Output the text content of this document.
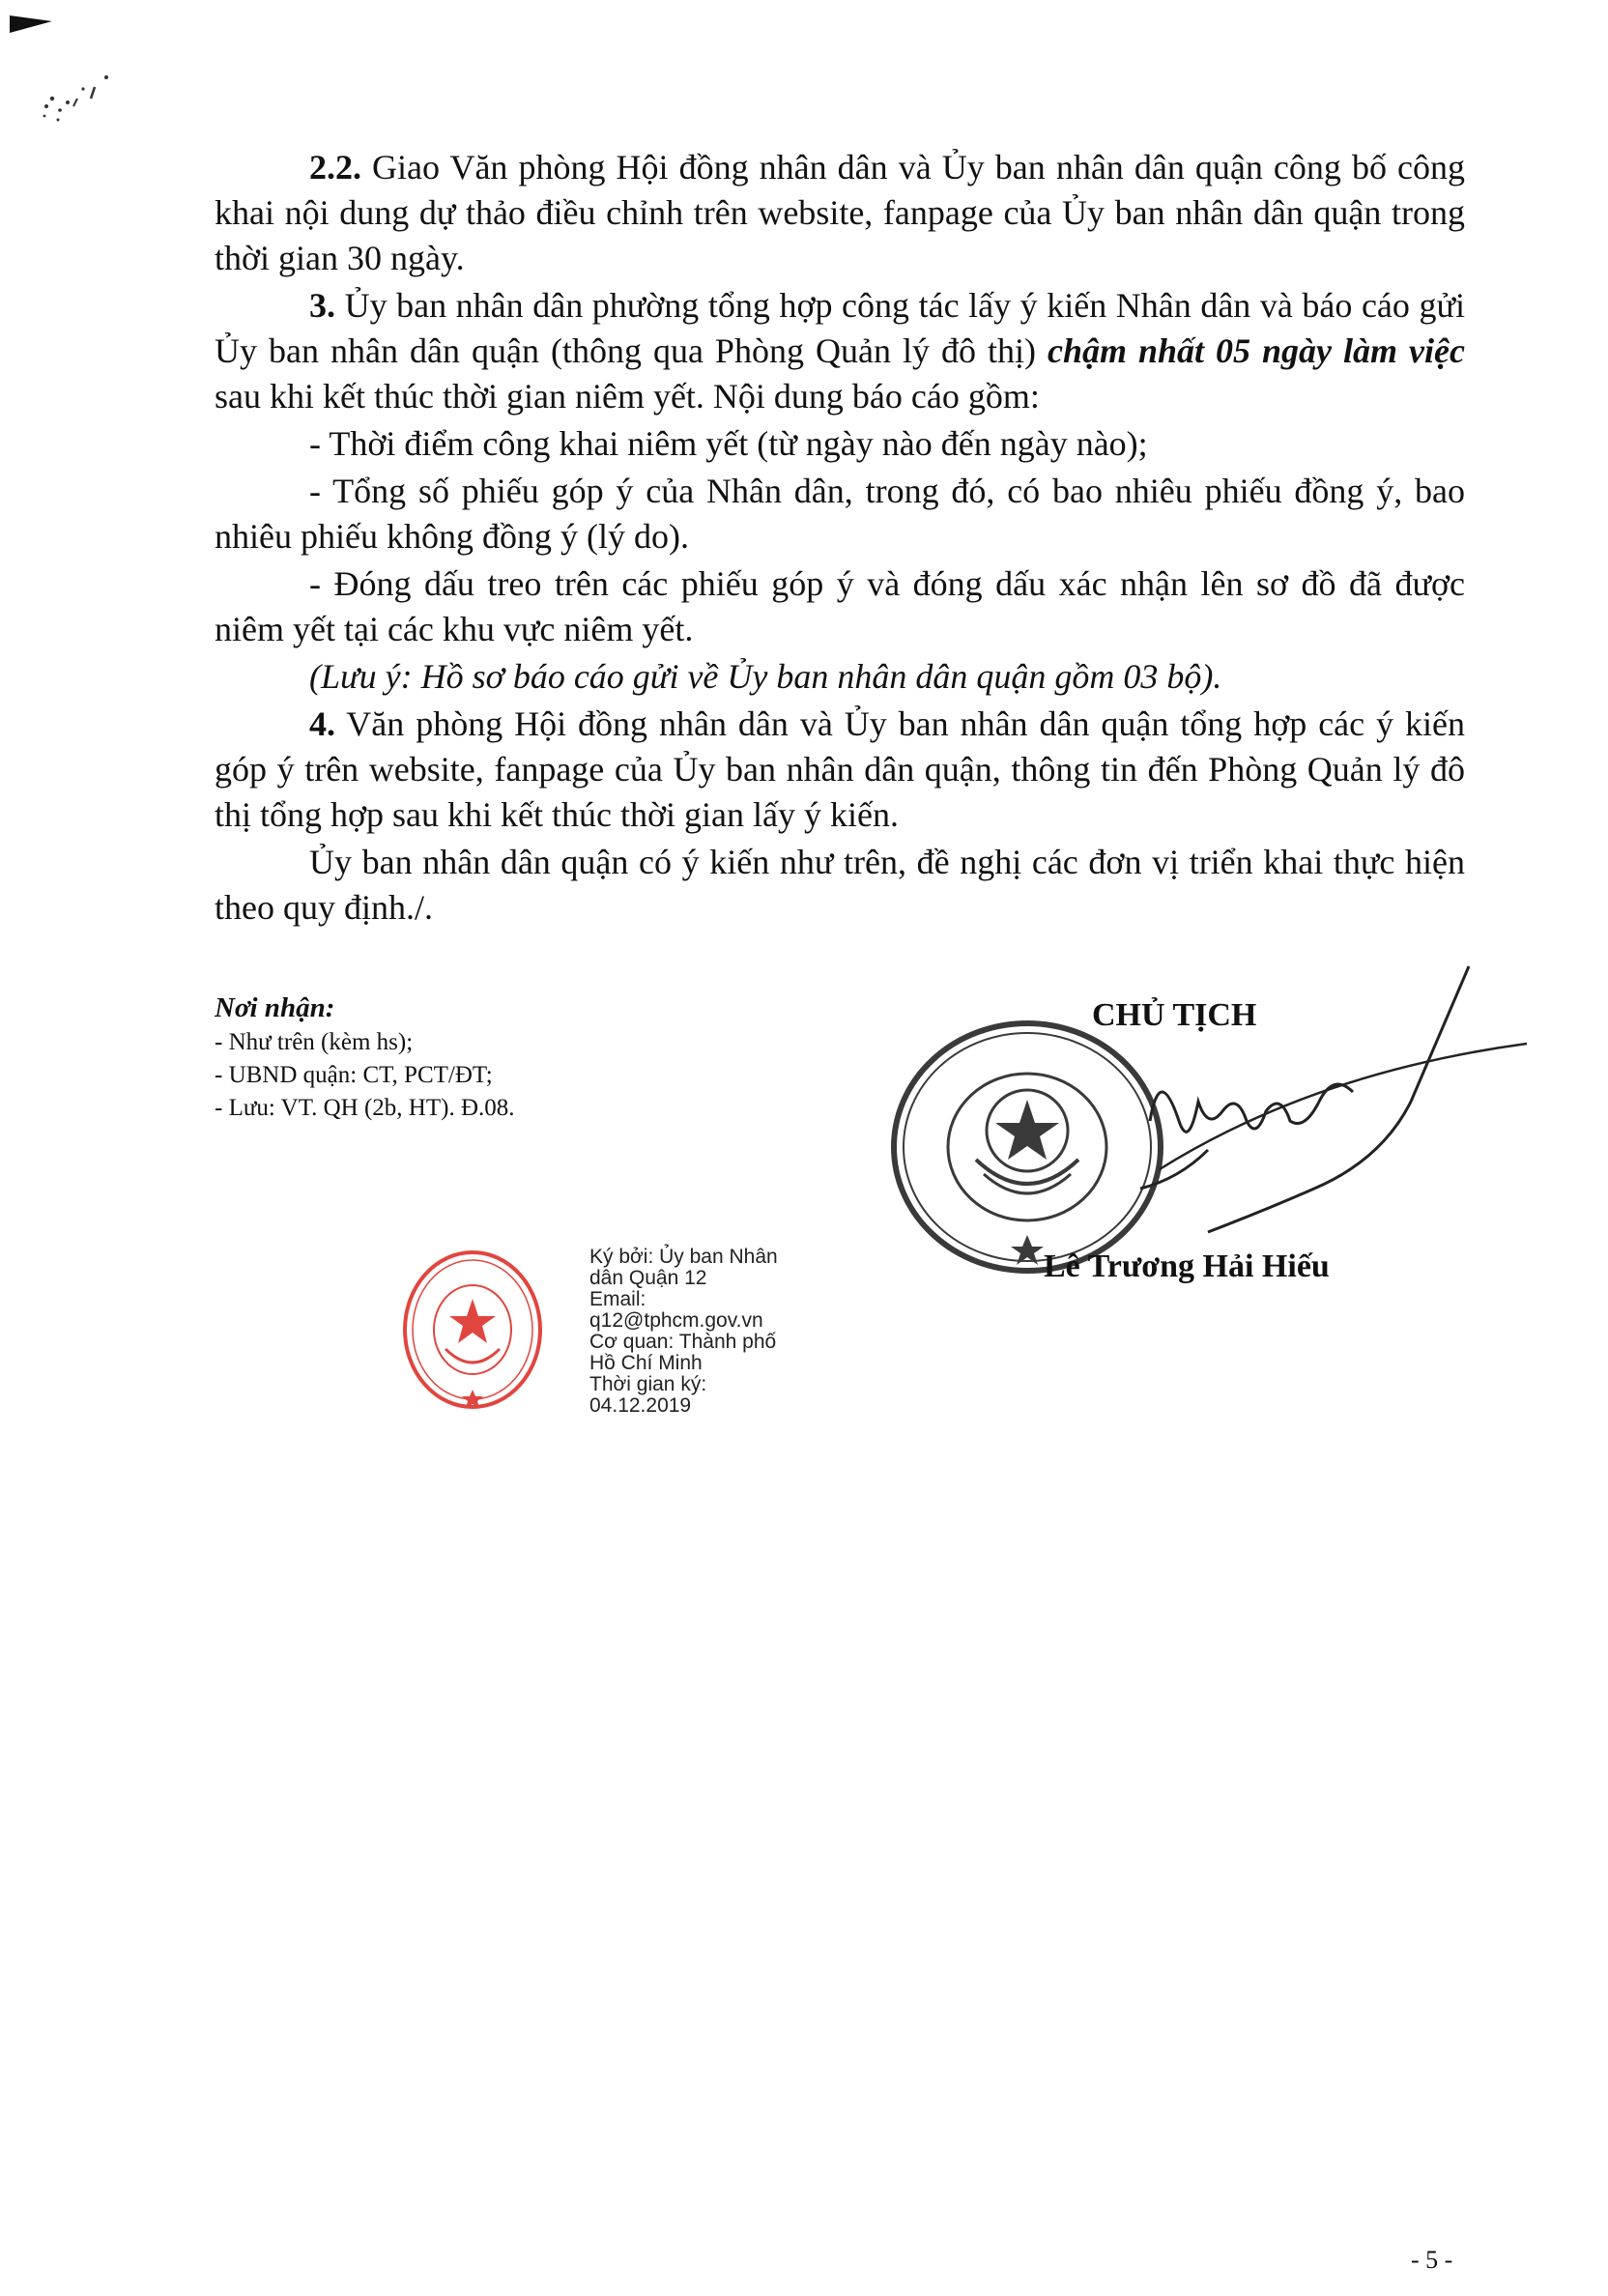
2.2. Giao Văn phòng Hội đồng nhân dân và Ủy ban nhân dân quận công bố công khai nội dung dự thảo điều chỉnh trên website, fanpage của Ủy ban nhân dân quận trong thời gian 30 ngày.

3. Ủy ban nhân dân phường tổng hợp công tác lấy ý kiến Nhân dân và báo cáo gửi Ủy ban nhân dân quận (thông qua Phòng Quản lý đô thị) chậm nhất 05 ngày làm việc sau khi kết thúc thời gian niêm yết. Nội dung báo cáo gồm:

- Thời điểm công khai niêm yết (từ ngày nào đến ngày nào);

- Tổng số phiếu góp ý của Nhân dân, trong đó, có bao nhiêu phiếu đồng ý, bao nhiêu phiếu không đồng ý (lý do).

- Đóng dấu treo trên các phiếu góp ý và đóng dấu xác nhận lên sơ đồ đã được niêm yết tại các khu vực niêm yết.

(Lưu ý: Hồ sơ báo cáo gửi về Ủy ban nhân dân quận gồm 03 bộ).

4. Văn phòng Hội đồng nhân dân và Ủy ban nhân dân quận tổng hợp các ý kiến góp ý trên website, fanpage của Ủy ban nhân dân quận, thông tin đến Phòng Quản lý đô thị tổng hợp sau khi kết thúc thời gian lấy ý kiến.

Ủy ban nhân dân quận có ý kiến như trên, đề nghị các đơn vị triển khai thực hiện theo quy định./.

Nơi nhận:
- Như trên (kèm hs);
- UBND quận: CT, PCT/ĐT;
- Lưu: VT. QH (2b, HT). Đ.08.
CHỦ TỊCH
Lê Trương Hải Hiếu
Ký bởi: Ủy ban Nhân
dân Quận 12
Email:
q12@tphcm.gov.vn
Cơ quan: Thành phố
Hồ Chí Minh
Thời gian ký:
04.12.2019
- 5 -
